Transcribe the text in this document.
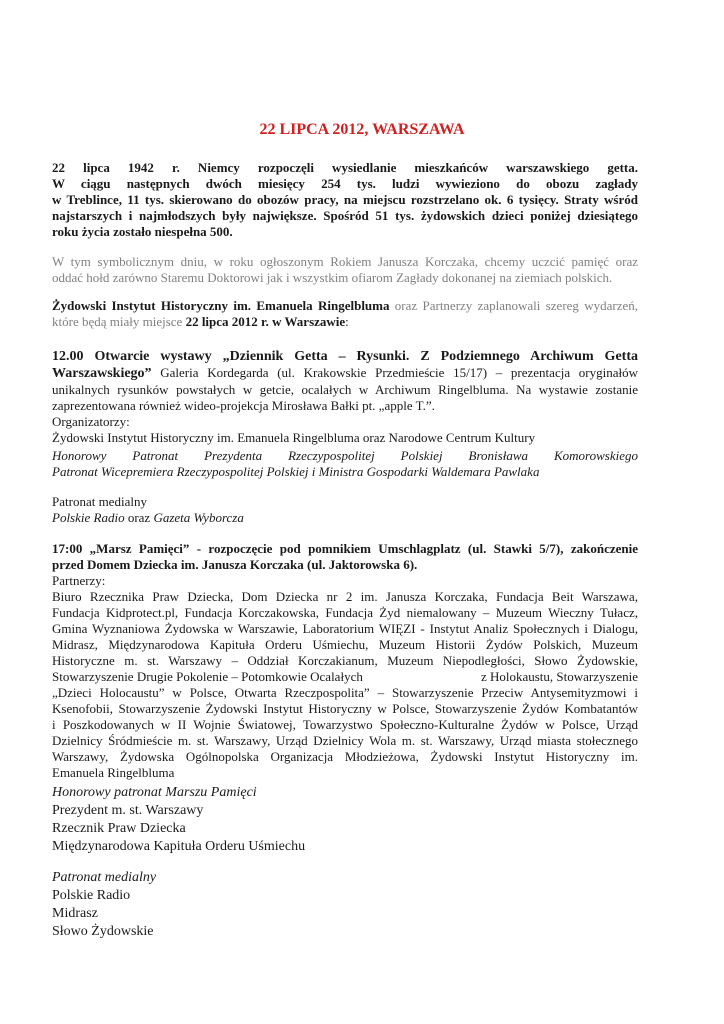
22 LIPCA 2012, WARSZAWA
22 lipca 1942 r. Niemcy rozpoczęli wysiedlanie mieszkańców warszawskiego getta.
W ciągu następnych dwóch miesięcy 254 tys. ludzi wywieziono do obozu zagłady
w Treblince, 11 tys. skierowano do obozów pracy, na miejscu rozstrzelano ok. 6 tysięcy. Straty wśród
najstarszych i najmłodszych były największe. Spośród 51 tys. żydowskich dzieci poniżej dziesiątego
roku życia zostało niespełna 500.
W tym symbolicznym dniu, w roku ogłoszonym Rokiem Janusza Korczaka, chcemy uczcić pamięć oraz
oddać hołd zarówno Staremu Doktorowi jak i wszystkim ofiarom Zagłady dokonanej na ziemiach polskich.
Żydowski Instytut Historyczny im. Emanuela Ringelbluma oraz Partnerzy zaplanowali szereg wydarzeń,
które będą miały miejsce 22 lipca 2012 r. w Warszawie:
12.00 Otwarcie wystawy „Dziennik Getta – Rysunki. Z Podziemnego Archiwum Getta
Warszawskiego” Galeria Kordegarda (ul. Krakowskie Przedmieście 15/17) – prezentacja oryginałów
unikalnych rysunków powstałych w getcie, ocalałych w Archiwum Ringelbluma. Na wystawie zostanie
zaprezentowana również wideo-projekcja Mirosława Bałki pt. „apple T.”.
Organizatorzy:
Żydowski Instytut Historyczny im. Emanuela Ringelbluma oraz Narodowe Centrum Kultury
Honorowy Patronat Prezydenta Rzeczypospolitej Polskiej Bronisława Komorowskiego
Patronat Wicepremiera Rzeczypospolitej Polskiej i Ministra Gospodarki Waldemara Pawlaka
Patronat medialny
Polskie Radio oraz Gazeta Wyborcza
17:00 „Marsz Pamięci” - rozpoczęcie pod pomnikiem Umschlagplatz (ul. Stawki 5/7), zakończenie
przed Domem Dziecka im. Janusza Korczaka (ul. Jaktorowska 6).
Partnerzy:
Biuro Rzecznika Praw Dziecka, Dom Dziecka nr 2 im. Janusza Korczaka, Fundacja Beit Warszawa,
Fundacja Kidprotect.pl, Fundacja Korczakowska, Fundacja Żyd niemalowany – Muzeum Wieczny Tułacz,
Gmina Wyznaniowa Żydowska w Warszawie, Laboratorium WIĘZI - Instytut Analiz Społecznych i Dialogu,
Midrasz, Międzynarodowa Kapituła Orderu Uśmiechu, Muzeum Historii Żydów Polskich, Muzeum
Historyczne m. st. Warszawy – Oddział Korczakianum, Muzeum Niepodległości, Słowo Żydowskie,
Stowarzyszenie Drugie Pokolenie – Potomkowie Ocalałych	z Holokaustu, Stowarzyszenie
„Dzieci Holocaustu” w Polsce, Otwarta Rzeczpospolita” – Stowarzyszenie Przeciw Antysemityzmowi i
Ksenofobii, Stowarzyszenie Żydowski Instytut Historyczny w Polsce, Stowarzyszenie Żydów Kombatantów
i Poszkodowanych w II Wojnie Światowej, Towarzystwo Społeczno-Kulturalne Żydów w Polsce, Urząd
Dzielnicy Śródmieście m. st. Warszawy, Urząd Dzielnicy Wola m. st. Warszawy, Urząd miasta stołecznego
Warszawy, Żydowska Ogólnopolska Organizacja Młodzieżowa, Żydowski Instytut Historyczny im.
Emanuela Ringelbluma

Honorowy patronat Marszu Pamięci

Prezydent m. st. Warszawy

Rzecznik Praw Dziecka

Międzynarodowa Kapituła Orderu Uśmiechu

Patronat medialny

Polskie Radio

Midrasz

Słowo Żydowskie
